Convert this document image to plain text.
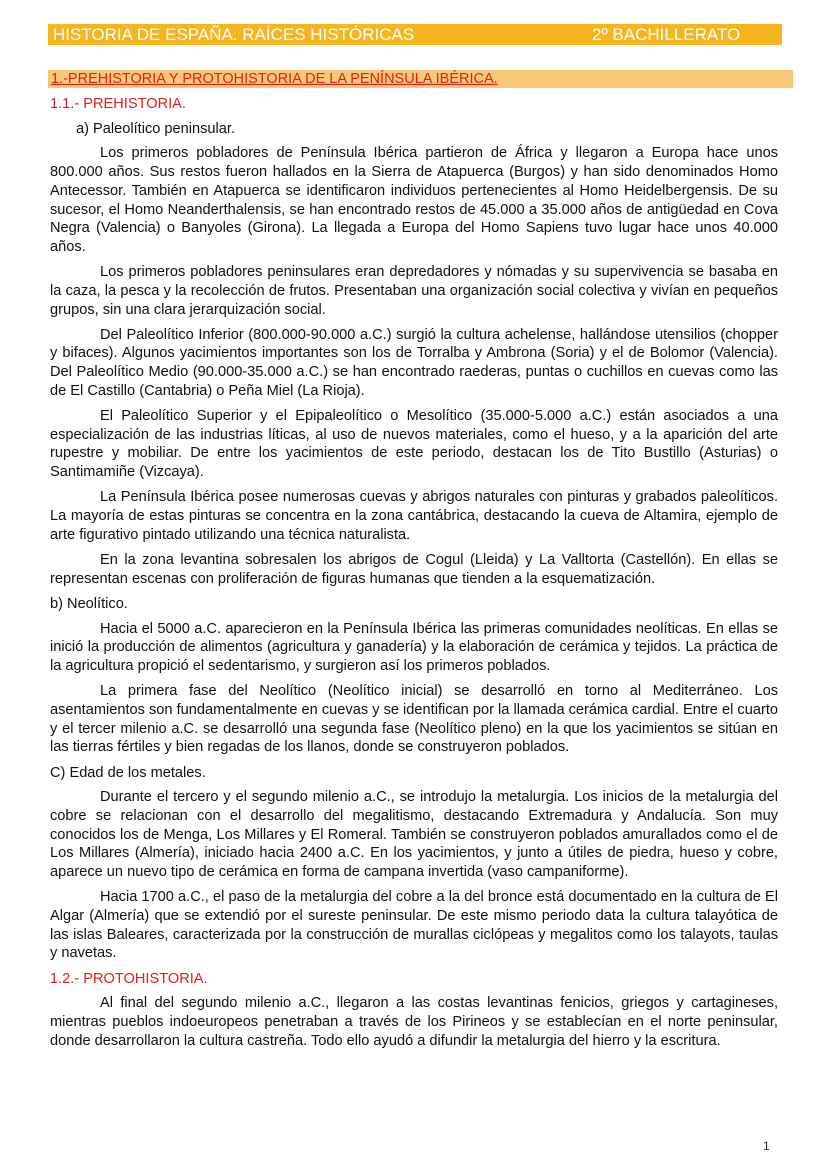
HISTORIA DE ESPAÑA. RAÍCES HISTÓRICAS	2º BACHILLERATO
1.-PREHISTORIA Y PROTOHISTORIA DE LA PENÍNSULA IBÉRICA.
1.1.- PREHISTORIA.
a) Paleolítico peninsular.

Los primeros pobladores de Península Ibérica partieron de África y llegaron a Europa hace unos 800.000 años. Sus restos fueron hallados en la Sierra de Atapuerca (Burgos) y han sido denominados Homo Antecessor. También en Atapuerca se identificaron individuos pertenecientes al Homo Heidelbergensis. De su sucesor, el Homo Neanderthalensis, se han encontrado restos de 45.000 a 35.000 años de antigüedad en Cova Negra (Valencia) o Banyoles (Girona). La llegada a Europa del Homo Sapiens tuvo lugar hace unos 40.000 años.

Los primeros pobladores peninsulares eran depredadores y nómadas y su supervivencia se basaba en la caza, la pesca y la recolección de frutos. Presentaban una organización social colectiva y vivían en pequeños grupos, sin una clara jerarquización social.

Del Paleolítico Inferior (800.000-90.000 a.C.) surgió la cultura achelense, hallándose utensilios (chopper y bifaces). Algunos yacimientos importantes son los de Torralba y Ambrona (Soria) y el de Bolomor (Valencia). Del Paleolítico Medio (90.000-35.000 a.C.) se han encontrado raederas, puntas o cuchillos en cuevas como las de El Castillo (Cantabria) o Peña Miel (La Rioja).

El Paleolítico Superior y el Epipaleolítico o Mesolítico (35.000-5.000 a.C.) están asociados a una especialización de las industrias líticas, al uso de nuevos materiales, como el hueso, y a la aparición del arte rupestre y mobiliar. De entre los yacimientos de este periodo, destacan los de Tito Bustillo (Asturias) o Santimamiñe (Vizcaya).

La Península Ibérica posee numerosas cuevas y abrigos naturales con pinturas y grabados paleolíticos. La mayoría de estas pinturas se concentra en la zona cantábrica, destacando la cueva de Altamira, ejemplo de arte figurativo pintado utilizando una técnica naturalista.

En la zona levantina sobresalen los abrigos de Cogul (Lleida) y La Valltorta (Castellón). En ellas se representan escenas con proliferación de figuras humanas que tienden a la esquematización.

b) Neolítico.

Hacia el 5000 a.C. aparecieron en la Península Ibérica las primeras comunidades neolíticas. En ellas se inició la producción de alimentos (agricultura y ganadería) y la elaboración de cerámica y tejidos. La práctica de la agricultura propició el sedentarismo, y surgieron así los primeros poblados.

La primera fase del Neolítico (Neolítico inicial) se desarrolló en torno al Mediterráneo. Los asentamientos son fundamentalmente en cuevas y se identifican por la llamada cerámica cardial. Entre el cuarto y el tercer milenio a.C. se desarrolló una segunda fase (Neolítico pleno) en la que los yacimientos se sitúan en las tierras fértiles y bien regadas de los llanos, donde se construyeron poblados.

C) Edad de los metales.

Durante el tercero y el segundo milenio a.C., se introdujo la metalurgia. Los inicios de la metalurgia del cobre se relacionan con el desarrollo del megalitismo, destacando Extremadura y Andalucía. Son muy conocidos los de Menga, Los Millares y El Romeral. También se construyeron poblados amurallados como el de Los Millares (Almería), iniciado hacia 2400 a.C. En los yacimientos, y junto a útiles de piedra, hueso y cobre, aparece un nuevo tipo de cerámica en forma de campana invertida (vaso campaniforme).

Hacia 1700 a.C., el paso de la metalurgia del cobre a la del bronce está documentado en la cultura de El Algar (Almería) que se extendió por el sureste peninsular. De este mismo periodo data la cultura talayótica de las islas Baleares, caracterizada por la construcción de murallas ciclópeas y megalitos como los talayots, taulas y navetas.

1.2.- PROTOHISTORIA.

Al final del segundo milenio a.C., llegaron a las costas levantinas fenicios, griegos y cartagineses, mientras pueblos indoeuropeos penetraban a través de los Pirineos y se establecían en el norte peninsular, donde desarrollaron la cultura castreña. Todo ello ayudó a difundir la metalurgia del hierro y la escritura.

1
